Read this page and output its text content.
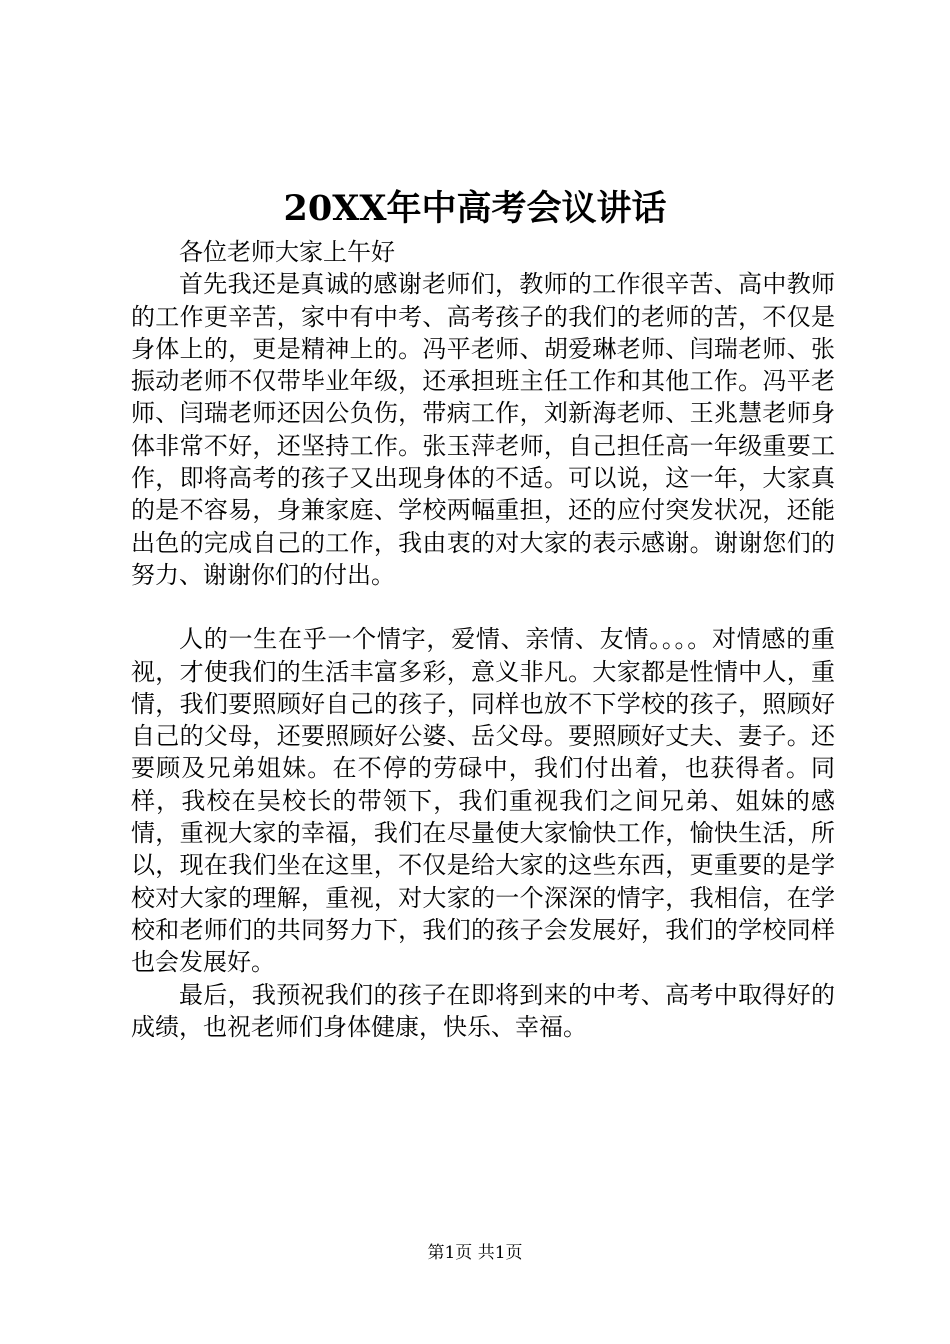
20XX年中高考会议讲话

各位老师大家上午好

首先我还是真诚的感谢老师们，教师的工作很辛苦、高中教师的工作更辛苦，家中有中考、高考孩子的我们的老师的苦，不仅是身体上的，更是精神上的。冯平老师、胡爱琳老师、闫瑞老师、张振动老师不仅带毕业年级，还承担班主任工作和其他工作。冯平老师、闫瑞老师还因公负伤，带病工作，刘新海老师、王兆慧老师身体非常不好，还坚持工作。张玉萍老师，自己担任高一年级重要工作，即将高考的孩子又出现身体的不适。可以说，这一年，大家真的是不容易，身兼家庭、学校两幅重担，还的应付突发状况，还能出色的完成自己的工作，我由衷的对大家的表示感谢。谢谢您们的努力、谢谢你们的付出。

人的一生在乎一个情字，爱情、亲情、友情。。。。对情感的重视，才使我们的生活丰富多彩，意义非凡。大家都是性情中人，重情，我们要照顾好自己的孩子，同样也放不下学校的孩子，照顾好自己的父母，还要照顾好公婆、岳父母。要照顾好丈夫、妻子。还要顾及兄弟姐妹。在不停的劳碌中，我们付出着，也获得者。同样，我校在吴校长的带领下，我们重视我们之间兄弟、姐妹的感情，重视大家的幸福，我们在尽量使大家愉快工作，愉快生活，所以，现在我们坐在这里，不仅是给大家的这些东西，更重要的是学校对大家的理解，重视，对大家的一个深深的情字，我相信，在学校和老师们的共同努力下，我们的孩子会发展好，我们的学校同样也会发展好。

最后，我预祝我们的孩子在即将到来的中考、高考中取得好的成绩，也祝老师们身体健康，快乐、幸福。

第1页 共1页
